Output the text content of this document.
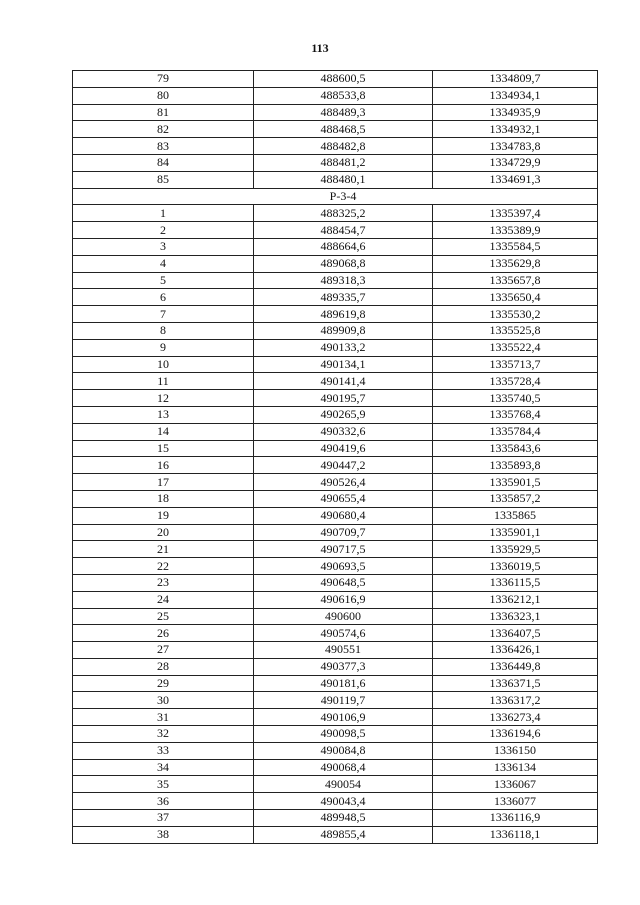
113
79	488600,5	1334809,7
80	488533,8	1334934,1
81	488489,3	1334935,9
82	488468,5	1334932,1
83	488482,8	1334783,8
84	488481,2	1334729,9
85	488480,1	1334691,3
	Р-3-4	
1	488325,2	1335397,4
2	488454,7	1335389,9
3	488664,6	1335584,5
4	489068,8	1335629,8
5	489318,3	1335657,8
6	489335,7	1335650,4
7	489619,8	1335530,2
8	489909,8	1335525,8
9	490133,2	1335522,4
10	490134,1	1335713,7
11	490141,4	1335728,4
12	490195,7	1335740,5
13	490265,9	1335768,4
14	490332,6	1335784,4
15	490419,6	1335843,6
16	490447,2	1335893,8
17	490526,4	1335901,5
18	490655,4	1335857,2
19	490680,4	1335865
20	490709,7	1335901,1
21	490717,5	1335929,5
22	490693,5	1336019,5
23	490648,5	1336115,5
24	490616,9	1336212,1
25	490600	1336323,1
26	490574,6	1336407,5
27	490551	1336426,1
28	490377,3	1336449,8
29	490181,6	1336371,5
30	490119,7	1336317,2
31	490106,9	1336273,4
32	490098,5	1336194,6
33	490084,8	1336150
34	490068,4	1336134
35	490054	1336067
36	490043,4	1336077
37	489948,5	1336116,9
38	489855,4	1336118,1
